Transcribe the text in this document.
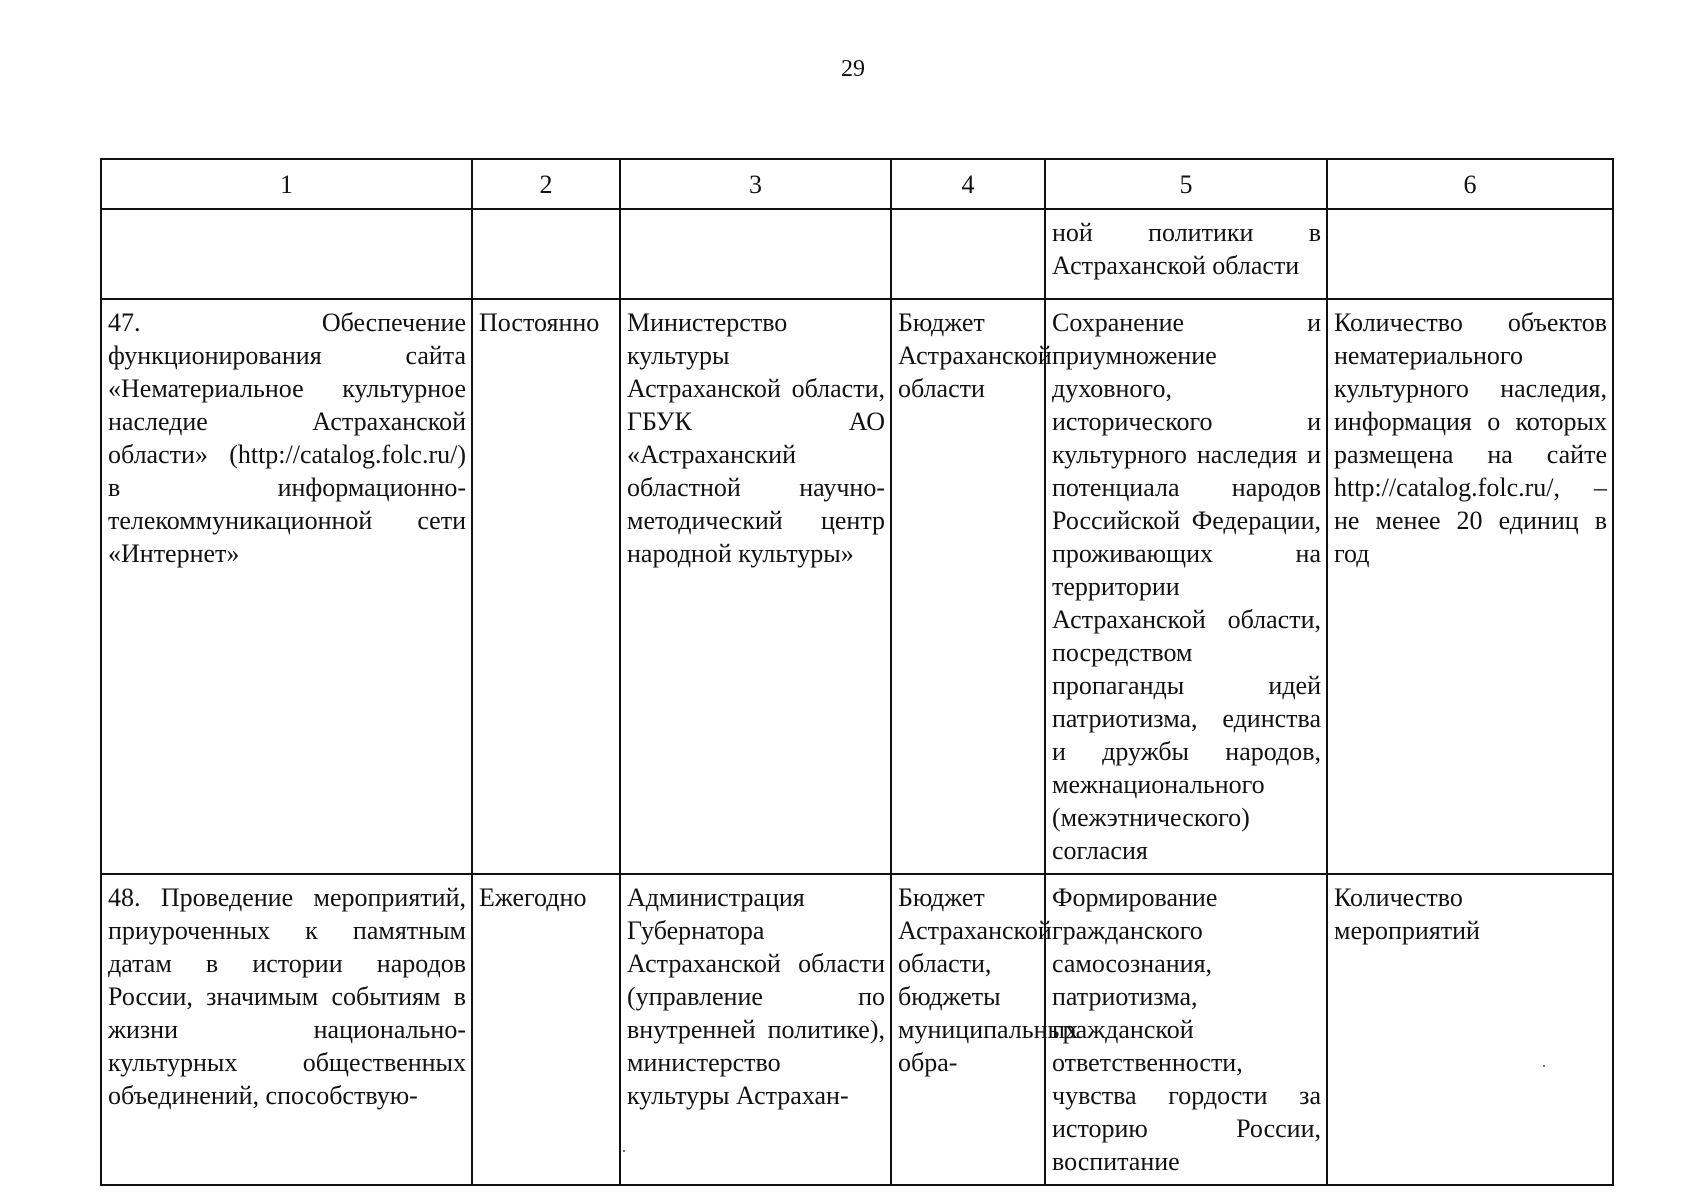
29
1	2	3	4	5	6
				ной политики в Астраханской области	
47. Обеспечение функционирования сайта «Нематериальное культурное наследие Астраханской области» (http://catalog.folc.ru/) в информационно-телекоммуникационной сети «Интернет»	Постоянно	Министерство культуры Астраханской области, ГБУК АО «Астраханский областной научно-методический центр народной культуры»	Бюджет Астраханской области	Сохранение и приумножение духовного, исторического и культурного наследия и потенциала народов Российской Федерации, проживающих на территории Астраханской области, посредством пропаганды идей патриотизма, единства и дружбы народов, межнационального (межэтнического) согласия	Количество объектов нематериального культурного наследия, информация о которых размещена на сайте http://catalog.folc.ru/, – не менее 20 единиц в год
48. Проведение мероприятий, приуроченных к памятным датам в истории народов России, значимым событиям в жизни национально-культурных общественных объединений, способствую-	Ежегодно	Администрация Губернатора Астраханской области (управление по внутренней политике), министерство культуры Астрахан-	Бюджет Астраханской области, бюджеты муниципальных обра-	Формирование гражданского самосознания, патриотизма, гражданской ответственности, чувства гордости за историю России, воспитание	Количество мероприятий
